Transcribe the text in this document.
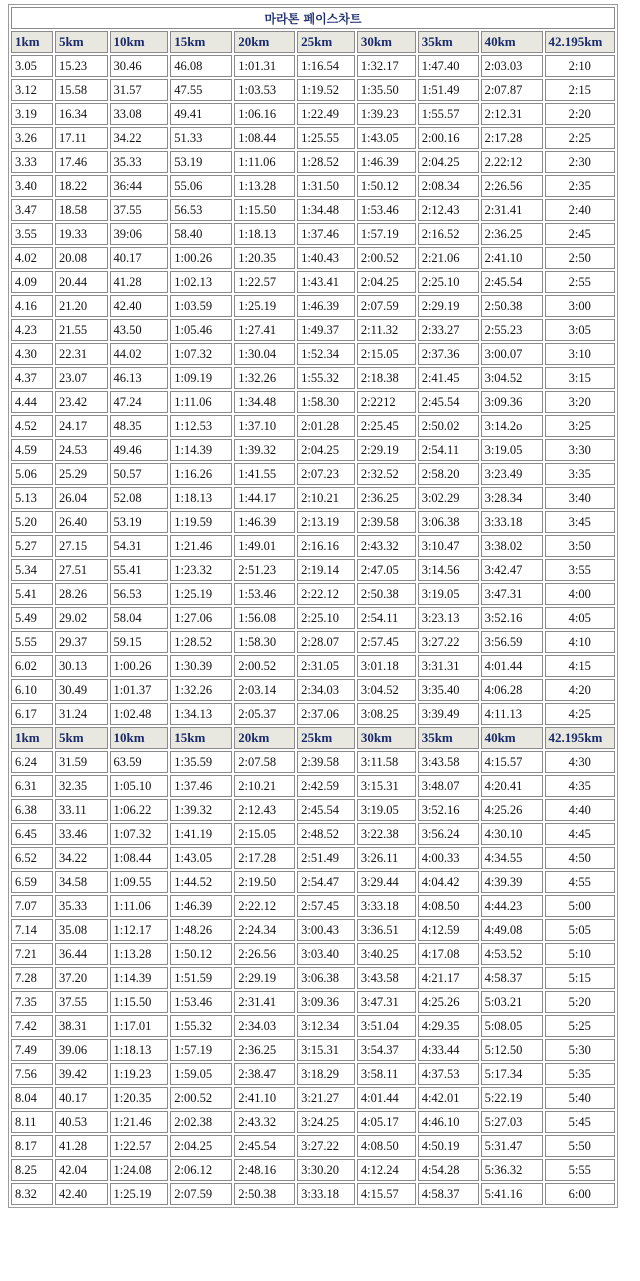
마라톤 페이스차트									
1km	5km	10km	15km	20km	25km	30km	35km	40km	42.195km
3.05	15.23	30.46	46.08	1:01.31	1:16.54	1:32.17	1:47.40	2:03.03	2:10
3.12	15.58	31.57	47.55	1:03.53	1:19.52	1:35.50	1:51.49	2:07.87	2:15
3.19	16.34	33.08	49.41	1:06.16	1:22.49	1:39.23	1:55.57	2:12.31	2:20
3.26	17.11	34.22	51.33	1:08.44	1:25.55	1:43.05	2:00.16	2:17.28	2:25
3.33	17.46	35.33	53.19	1:11.06	1:28.52	1:46.39	2:04.25	2.22:12	2:30
3.40	18.22	36:44	55.06	1:13.28	1:31.50	1:50.12	2:08.34	2:26.56	2:35
3.47	18.58	37.55	56.53	1:15.50	1:34.48	1:53.46	2:12.43	2:31.41	2:40
3.55	19.33	39:06	58.40	1:18.13	1:37.46	1:57.19	2:16.52	2:36.25	2:45
4.02	20.08	40.17	1:00.26	1:20.35	1:40.43	2:00.52	2:21.06	2:41.10	2:50
4.09	20.44	41.28	1:02.13	1:22.57	1:43.41	2:04.25	2:25.10	2:45.54	2:55
4.16	21.20	42.40	1:03.59	1:25.19	1:46.39	2:07.59	2:29.19	2:50.38	3:00
4.23	21.55	43.50	1:05.46	1:27.41	1:49.37	2:11.32	2:33.27	2:55.23	3:05
4.30	22.31	44.02	1:07.32	1:30.04	1:52.34	2:15.05	2:37.36	3:00.07	3:10
4.37	23.07	46.13	1:09.19	1:32.26	1:55.32	2:18.38	2:41.45	3:04.52	3:15
4.44	23.42	47.24	1:11.06	1:34.48	1:58.30	2:2212	2:45.54	3:09.36	3:20
4.52	24.17	48.35	1:12.53	1:37.10	2:01.28	2:25.45	2:50.02	3:14.2o	3:25
4.59	24.53	49.46	1:14.39	1:39.32	2:04.25	2:29.19	2:54.11	3:19.05	3:30
5.06	25.29	50.57	1:16.26	1:41.55	2:07.23	2:32.52	2:58.20	3:23.49	3:35
5.13	26.04	52.08	1:18.13	1:44.17	2:10.21	2:36.25	3:02.29	3:28.34	3:40
5.20	26.40	53.19	1:19.59	1:46.39	2:13.19	2:39.58	3:06.38	3:33.18	3:45
5.27	27.15	54.31	1:21.46	1:49.01	2:16.16	2:43.32	3:10.47	3:38.02	3:50
5.34	27.51	55.41	1:23.32	2:51.23	2:19.14	2:47.05	3:14.56	3:42.47	3:55
5.41	28.26	56.53	1:25.19	1:53.46	2:22.12	2:50.38	3:19.05	3:47.31	4:00
5.49	29.02	58.04	1:27.06	1:56.08	2:25.10	2:54.11	3:23.13	3:52.16	4:05
5.55	29.37	59.15	1:28.52	1:58.30	2:28.07	2:57.45	3:27.22	3:56.59	4:10
6.02	30.13	1:00.26	1:30.39	2:00.52	2:31.05	3:01.18	3:31.31	4:01.44	4:15
6.10	30.49	1:01.37	1:32.26	2:03.14	2:34.03	3:04.52	3:35.40	4:06.28	4:20
6.17	31.24	1:02.48	1:34.13	2:05.37	2:37.06	3:08.25	3:39.49	4:11.13	4:25
1km	5km	10km	15km	20km	25km	30km	35km	40km	42.195km
6.24	31.59	63.59	1:35.59	2:07.58	2:39.58	3:11.58	3:43.58	4:15.57	4:30
6.31	32.35	1:05.10	1:37.46	2:10.21	2:42.59	3:15.31	3:48.07	4:20.41	4:35
6.38	33.11	1:06.22	1:39.32	2:12.43	2:45.54	3:19.05	3:52.16	4:25.26	4:40
6.45	33.46	1:07.32	1:41.19	2:15.05	2:48.52	3:22.38	3:56.24	4:30.10	4:45
6.52	34.22	1:08.44	1:43.05	2:17.28	2:51.49	3:26.11	4:00.33	4:34.55	4:50
6.59	34.58	1:09.55	1:44.52	2:19.50	2:54.47	3:29.44	4:04.42	4:39.39	4:55
7.07	35.33	1:11.06	1:46.39	2:22.12	2:57.45	3:33.18	4:08.50	4:44.23	5:00
7.14	35.08	1:12.17	1:48.26	2:24.34	3:00.43	3:36.51	4:12.59	4:49.08	5:05
7.21	36.44	1:13.28	1:50.12	2:26.56	3:03.40	3:40.25	4:17.08	4:53.52	5:10
7.28	37.20	1:14.39	1:51.59	2:29.19	3:06.38	3:43.58	4:21.17	4:58.37	5:15
7.35	37.55	1:15.50	1:53.46	2:31.41	3:09.36	3:47.31	4:25.26	5:03.21	5:20
7.42	38.31	1:17.01	1:55.32	2:34.03	3:12.34	3:51.04	4:29.35	5:08.05	5:25
7.49	39.06	1:18.13	1:57.19	2:36.25	3:15.31	3:54.37	4:33.44	5:12.50	5:30
7.56	39.42	1:19.23	1:59.05	2:38.47	3:18.29	3:58.11	4:37.53	5:17.34	5:35
8.04	40.17	1:20.35	2:00.52	2:41.10	3:21.27	4:01.44	4:42.01	5:22.19	5:40
8.11	40.53	1:21.46	2:02.38	2:43.32	3:24.25	4:05.17	4:46.10	5:27.03	5:45
8.17	41.28	1:22.57	2:04.25	2:45.54	3:27.22	4:08.50	4:50.19	5:31.47	5:50
8.25	42.04	1:24.08	2:06.12	2:48.16	3:30.20	4:12.24	4:54.28	5:36.32	5:55
8.32	42.40	1:25.19	2:07.59	2:50.38	3:33.18	4:15.57	4:58.37	5:41.16	6:00
